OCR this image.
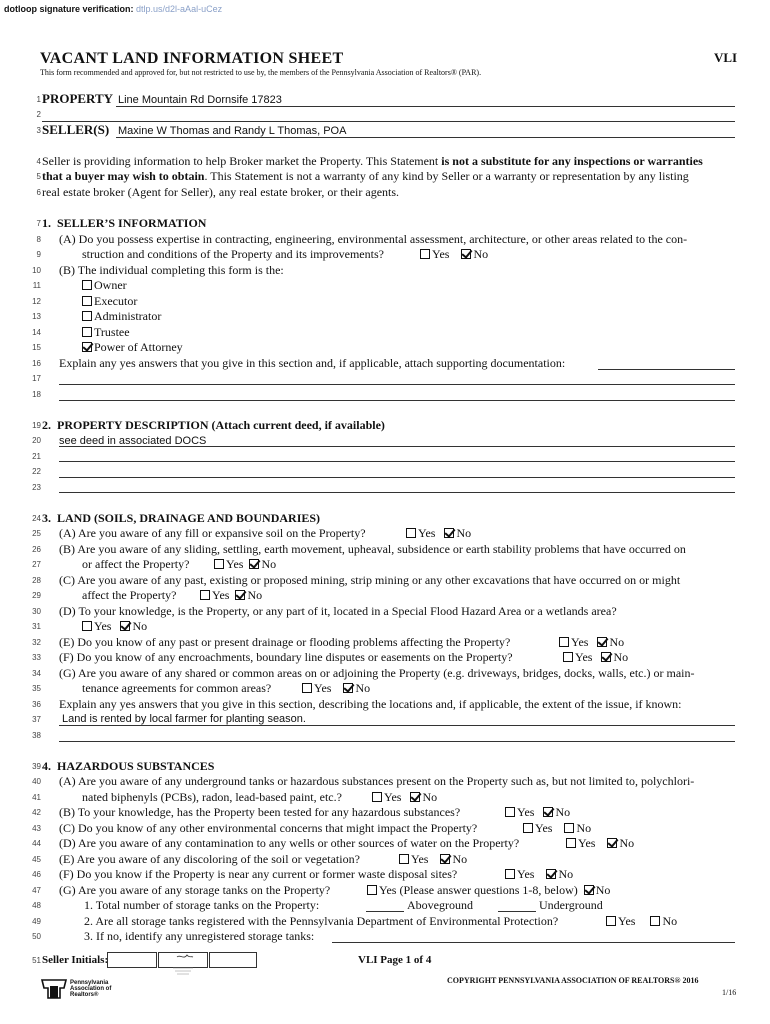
dotloop signature verification: dtlp.us/d2l-aAal-uCez
VACANT LAND INFORMATION SHEET	VLI
This form recommended and approved for, but not restricted to use by, the members of the Pennsylvania Association of Realtors® (PAR).
1
2
3
4
5
6
7
8
9
10
11
12
13
14
15
16
17
18
19
20
21
22
23
24
25
26
27
28
29
30
31
32
33
34
35
36
37
38
39
40
41
42
43
44
45
46
47
48
49
50
51
PROPERTY Line Mountain Rd Dornsife 17823
SELLER(S) Maxine W Thomas and Randy L Thomas, POA
Seller is providing information to help Broker market the Property. This Statement is not a substitute for any inspections or warranties
that a buyer may wish to obtain. This Statement is not a warranty of any kind by Seller or a warranty or representation by any listing
real estate broker (Agent for Seller), any real estate broker, or their agents.
1. SELLER’S INFORMATION
(A) Do you possess expertise in contracting, engineering, environmental assessment, architecture, or other areas related to the con-
struction and conditions of the Property and its improvements?	Yes No
(B) The individual completing this form is the:
Owner
Executor
Administrator
Trustee
Power of Attorney
Explain any yes answers that you give in this section and, if applicable, attach supporting documentation:
2. PROPERTY DESCRIPTION (Attach current deed, if available)
see deed in associated DOCS
3. LAND (SOILS, DRAINAGE AND BOUNDARIES)
(A) Are you aware of any fill or expansive soil on the Property?	Yes No
(B) Are you aware of any sliding, settling, earth movement, upheaval, subsidence or earth stability problems that have occurred on
or affect the Property?	Yes No
(C) Are you aware of any past, existing or proposed mining, strip mining or any other excavations that have occurred on or might
affect the Property?	Yes No
(D) To your knowledge, is the Property, or any part of it, located in a Special Flood Hazard Area or a wetlands area?
Yes No
(E) Do you know of any past or present drainage or flooding problems affecting the Property?	Yes No
(F) Do you know of any encroachments, boundary line disputes or easements on the Property?	Yes No
(G) Are you aware of any shared or common areas on or adjoining the Property (e.g. driveways, bridges, docks, walls, etc.) or main-
tenance agreements for common areas?	Yes No
Explain any yes answers that you give in this section, describing the locations and, if applicable, the extent of the issue, if known:
Land is rented by local farmer for planting season.
4. HAZARDOUS SUBSTANCES
(A) Are you aware of any underground tanks or hazardous substances present on the Property such as, but not limited to, polychlori-
nated biphenyls (PCBs), radon, lead-based paint, etc.?	Yes No
(B) To your knowledge, has the Property been tested for any hazardous substances?	Yes No
(C) Do you know of any other environmental concerns that might impact the Property?	Yes No
(D) Are you aware of any contamination to any wells or other sources of water on the Property?	Yes No
(E) Are you aware of any discoloring of the soil or vegetation?	Yes No
(F) Do you know if the Property is near any current or former waste disposal sites?	Yes No
(G) Are you aware of any storage tanks on the Property?	Yes (Please answer questions 1-8, below) No
1. Total number of storage tanks on the Property:	Aboveground	Underground
2. Are all storage tanks registered with the Pennsylvania Department of Environmental Protection?	Yes No
3. If no, identify any unregistered storage tanks:
Seller Initials:	VLI Page 1 of 4
Pennsylvania
Association of
Realtors®
COPYRIGHT PENNSYLVANIA ASSOCIATION OF REALTORS® 2016
1/16
